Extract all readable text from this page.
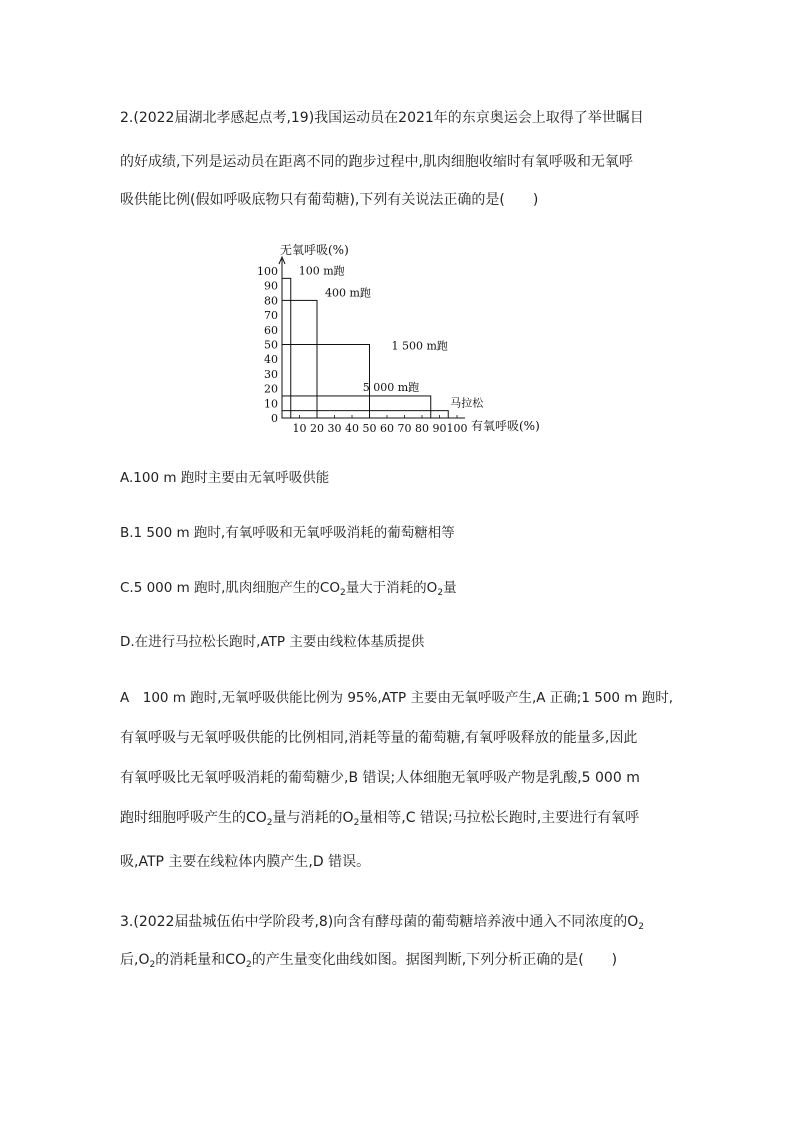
2.(2022届湖北孝感起点考,19)我国运动员在2021年的东京奥运会上取得了举世瞩目
的好成绩,下列是运动员在距离不同的跑步过程中,肌肉细胞收缩时有氧呼吸和无氧呼
吸供能比例(假如呼吸底物只有葡萄糖),下列有关说法正确的是(　　)
100 m跑
400 m跑
1 500 m跑
5 000 m跑
马拉松
0
10
20
30
40
50
60
70
80
90
100
10 20 30 40 50 60 70 80 90 100
无氧呼吸(%)
有氧呼吸(%)
A.100 m 跑时主要由无氧呼吸供能
B.1 500 m 跑时,有氧呼吸和无氧呼吸消耗的葡萄糖相等
C.5 000 m 跑时,肌肉细胞产生的$CO_2$量大于消耗的$O_2$量
D.在进行马拉松长跑时,ATP 主要由线粒体基质提供
A　100 m 跑时,无氧呼吸供能比例为 95%,ATP 主要由无氧呼吸产生,A 正确;1 500 m 跑时,
有氧呼吸与无氧呼吸供能的比例相同,消耗等量的葡萄糖,有氧呼吸释放的能量多,因此
有氧呼吸比无氧呼吸消耗的葡萄糖少,B 错误;人体细胞无氧呼吸产物是乳酸,5 000 m
跑时细胞呼吸产生的$CO_2$量与消耗的$O_2$量相等,C 错误;马拉松长跑时,主要进行有氧呼
吸,ATP 主要在线粒体内膜产生,D 错误。
3.(2022届盐城伍佑中学阶段考,8)向含有酵母菌的葡萄糖培养液中通入不同浓度的$O_2$
后$,O_2$的消耗量和$CO_2$的产生量变化曲线如图。据图判断,下列分析正确的是(　　)
